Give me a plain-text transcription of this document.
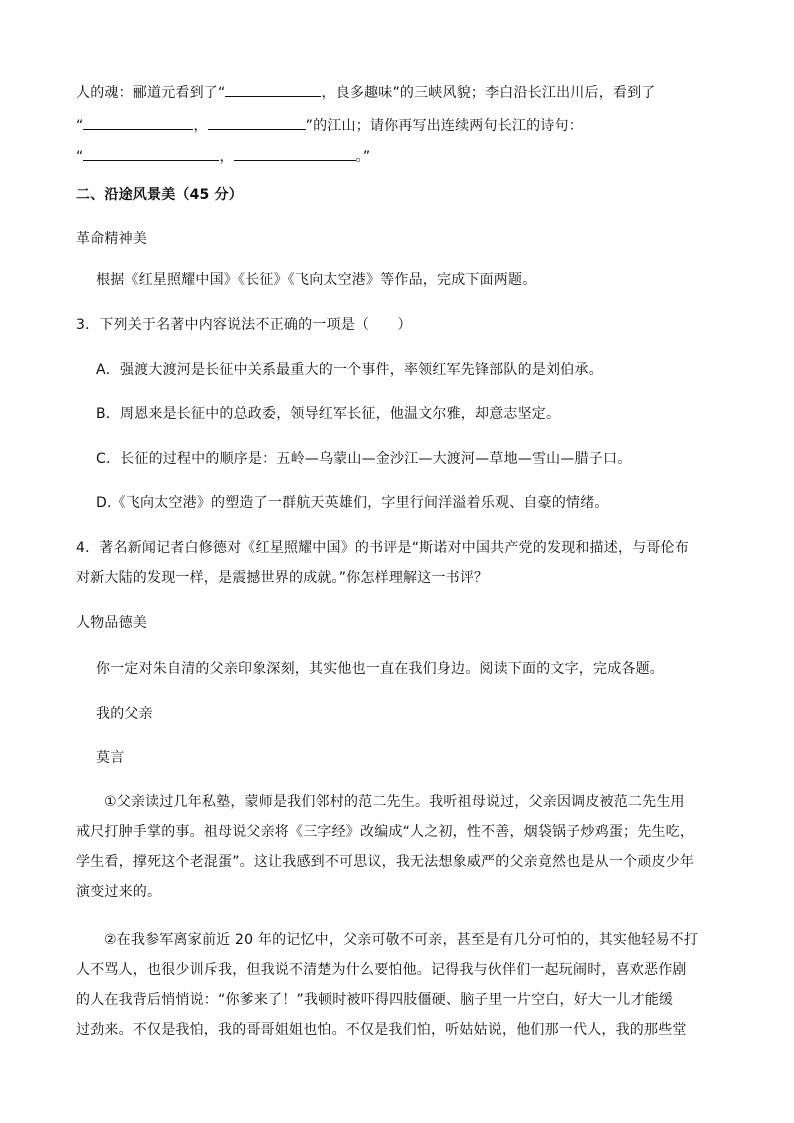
人的魂：郦道元看到了“	，良多趣味”的三峡风貌；李白沿长江出川后，看到了
“	，	”的江山；请你再写出连续两句长江的诗句：
“	，	。”
二、沿途风景美（45 分）
革命精神美
根据《红星照耀中国》《长征》《飞向太空港》等作品，完成下面两题。
3．下列关于名著中内容说法不正确的一项是（　　）
A．强渡大渡河是长征中关系最重大的一个事件，率领红军先锋部队的是刘伯承。
B．周恩来是长征中的总政委，领导红军长征，他温文尔雅，却意志坚定。
C．长征的过程中的顺序是：五岭—乌蒙山—金沙江—大渡河—草地—雪山—腊子口。
D.《飞向太空港》的塑造了一群航天英雄们，字里行间洋溢着乐观、自豪的情绪。
4．著名新闻记者白修德对《红星照耀中国》的书评是“斯诺对中国共产党的发现和描述，与哥伦布
对新大陆的发现一样，是震撼世界的成就。”你怎样理解这一书评？
人物品德美
你一定对朱自清的父亲印象深刻，其实他也一直在我们身边。阅读下面的文字，完成各题。
我的父亲
莫言
①父亲读过几年私塾，蒙师是我们邻村的范二先生。我听祖母说过，父亲因调皮被范二先生用
戒尺打肿手掌的事。祖母说父亲将《三字经》改编成“人之初，性不善，烟袋锅子炒鸡蛋；先生吃，
学生看，撑死这个老混蛋”。这让我感到不可思议，我无法想象威严的父亲竟然也是从一个顽皮少年
演变过来的。
②在我参军离家前近 20 年的记忆中，父亲可敬不可亲，甚至是有几分可怕的，其实他轻易不打
人不骂人，也很少训斥我，但我说不清楚为什么要怕他。记得我与伙伴们一起玩闹时，喜欢恶作剧
的人在我背后悄悄说：“你爹来了！”我顿时被吓得四肢僵硬、脑子里一片空白，好大一儿才能缓
过劲来。不仅是我怕，我的哥哥姐姐也怕。不仅是我们怕，听姑姑说，他们那一代人，我的那些堂
